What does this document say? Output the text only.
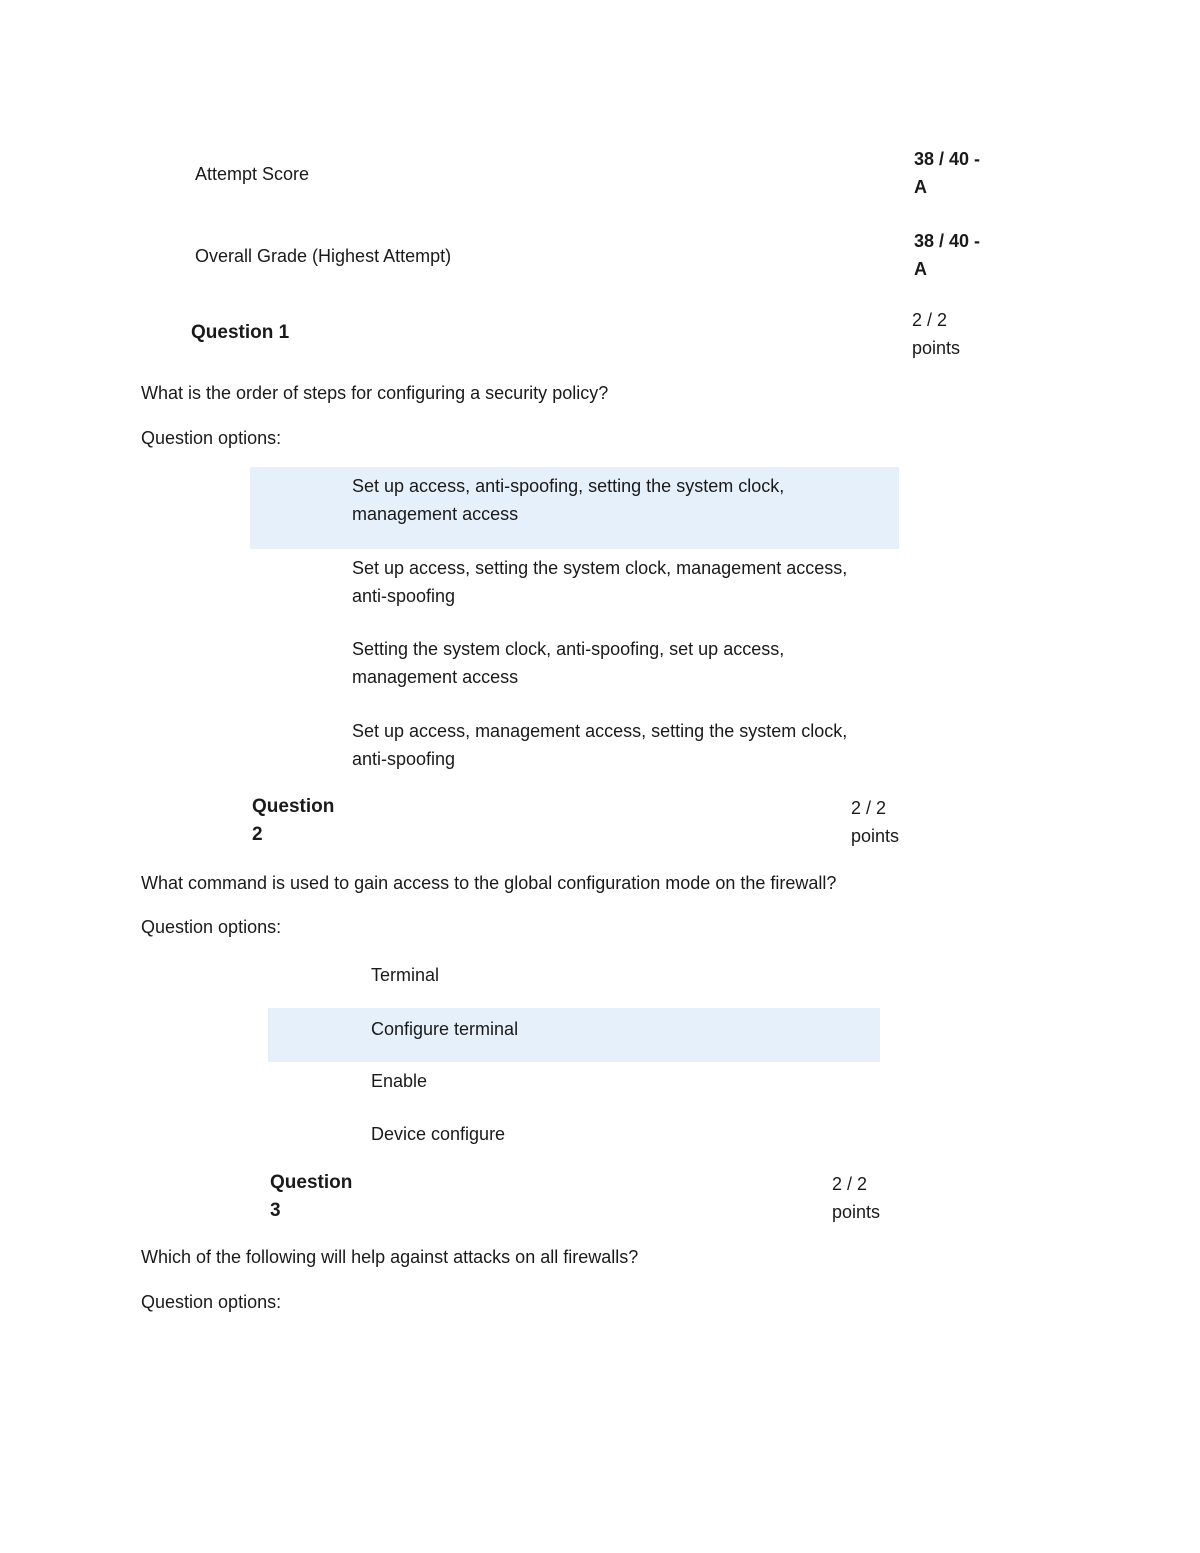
Attempt Score
38 / 40 -
A
Overall Grade (Highest Attempt)
38 / 40 -
A
Question 1
2 / 2
points
What is the order of steps for configuring a security policy?
Question options:
Set up access, anti-spoofing, setting the system clock,
management access
Set up access, setting the system clock, management access,
anti-spoofing
Setting the system clock, anti-spoofing, set up access,
management access
Set up access, management access, setting the system clock,
anti-spoofing
Question
2
2 / 2
points
What command is used to gain access to the global configuration mode on the firewall?
Question options:
Terminal
Configure terminal
Enable
Device configure
Question
3
2 / 2
points
Which of the following will help against attacks on all firewalls?
Question options:
